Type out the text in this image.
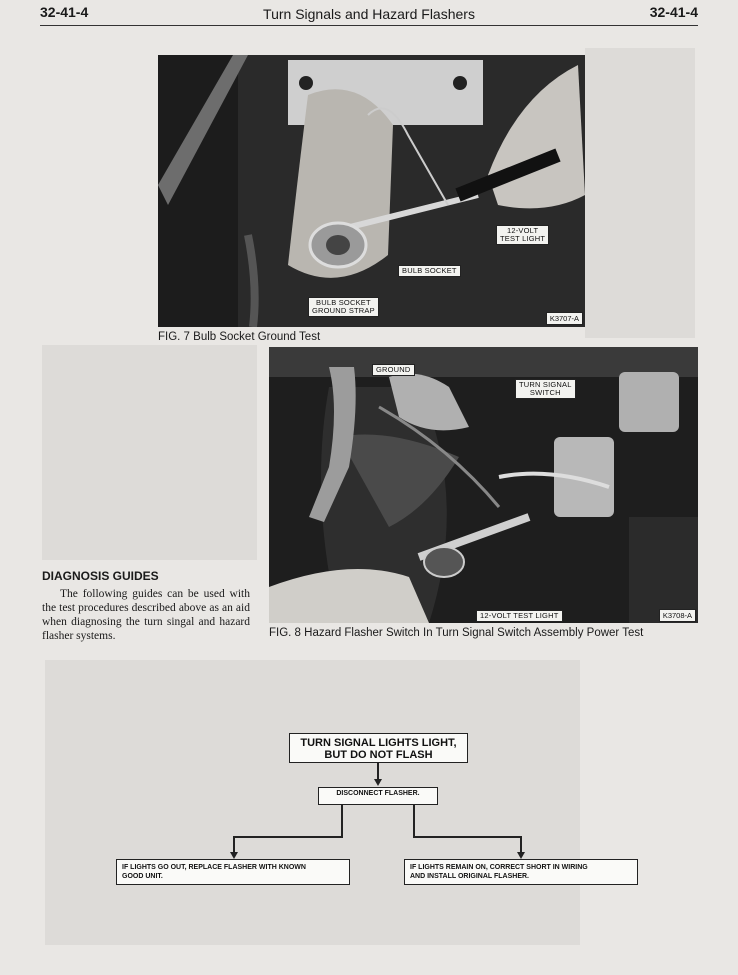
32-41-4	Turn Signals and Hazard Flashers	32-41-4
12-VOLT
TEST LIGHT
BULB SOCKET
BULB SOCKET
GROUND STRAP
K3707-A
FIG. 7 Bulb Socket Ground Test
GROUND
TURN SIGNAL
SWITCH
12-VOLT TEST LIGHT	K3708-A
FIG. 8 Hazard Flasher Switch In Turn Signal Switch Assembly Power Test
DIAGNOSIS GUIDES
The following guides can be used with the test procedures described above as an aid when diagnosing the turn singal and hazard flasher systems.
TURN SIGNAL LIGHTS LIGHT,
BUT DO NOT FLASH
DISCONNECT FLASHER.
IF LIGHTS GO OUT, REPLACE FLASHER WITH KNOWN
GOOD UNIT.
IF LIGHTS REMAIN ON, CORRECT SHORT IN WIRING
AND INSTALL ORIGINAL FLASHER.
